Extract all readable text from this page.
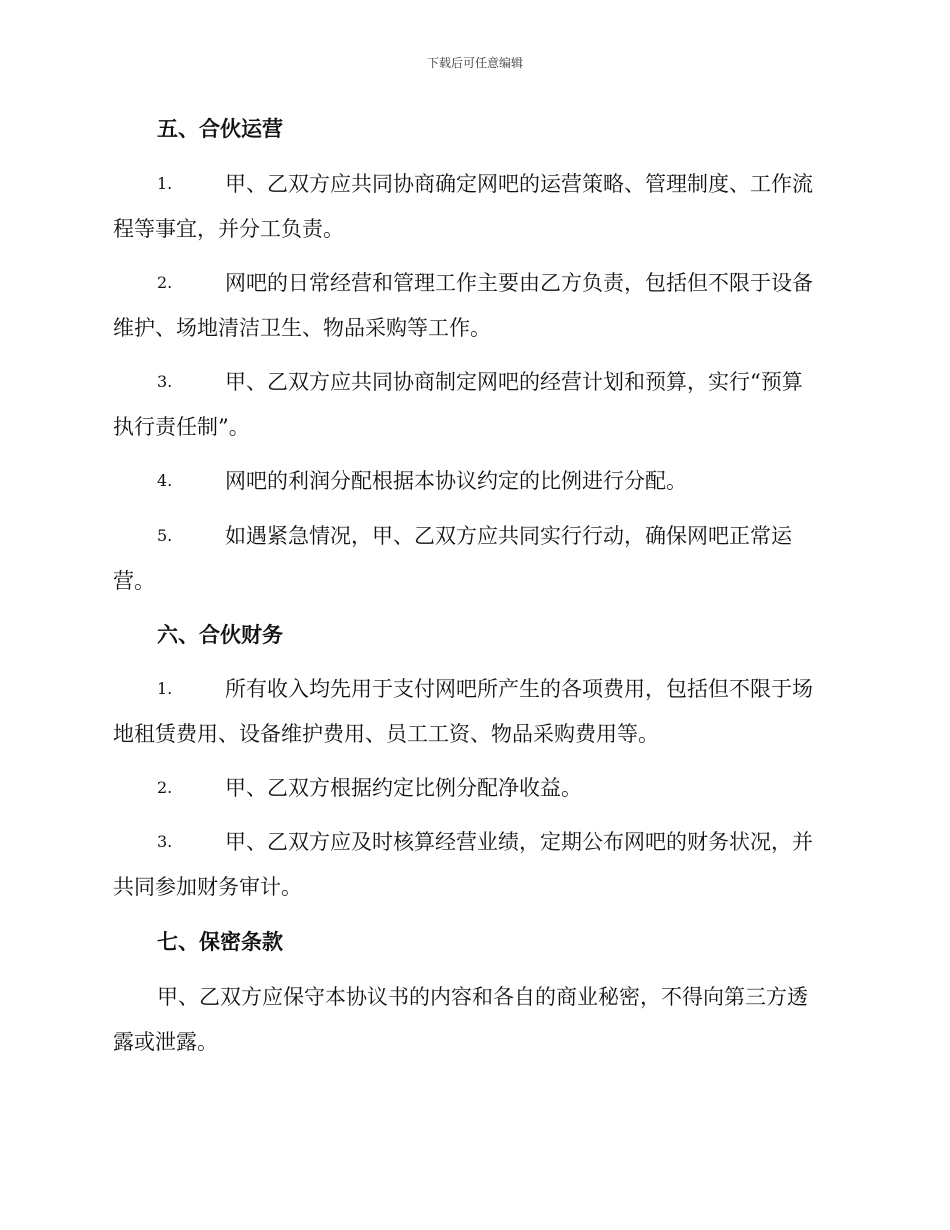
下载后可任意编辑
五、合伙运营
1.	甲、乙双方应共同协商确定网吧的运营策略、管理制度、工作流
程等事宜，并分工负责。
2.	网吧的日常经营和管理工作主要由乙方负责，包括但不限于设备
维护、场地清洁卫生、物品采购等工作。
3.	甲、乙双方应共同协商制定网吧的经营计划和预算，实行“预算
执行责任制”。
4.	网吧的利润分配根据本协议约定的比例进行分配。
5.	如遇紧急情况，甲、乙双方应共同实行行动，确保网吧正常运
营。
六、合伙财务
1.	所有收入均先用于支付网吧所产生的各项费用，包括但不限于场
地租赁费用、设备维护费用、员工工资、物品采购费用等。
2.	甲、乙双方根据约定比例分配净收益。
3.	甲、乙双方应及时核算经营业绩，定期公布网吧的财务状况，并
共同参加财务审计。
七、保密条款
甲、乙双方应保守本协议书的内容和各自的商业秘密，不得向第三方透
露或泄露。
